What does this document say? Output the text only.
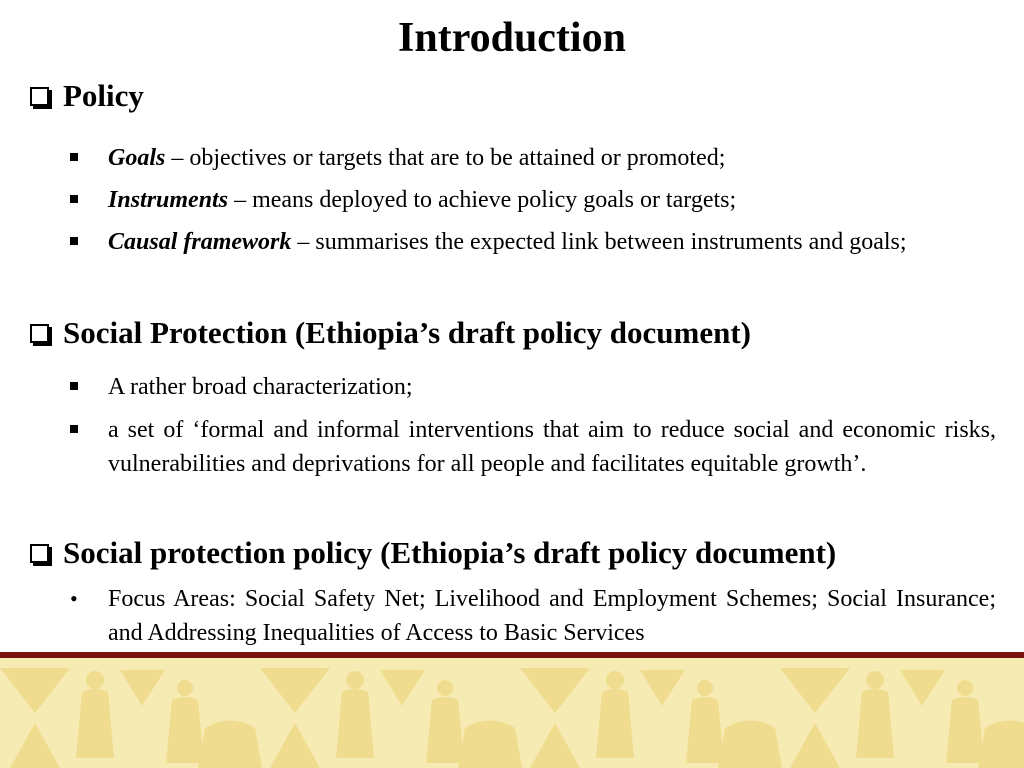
Introduction
Policy
Goals – objectives or targets that are to be attained or promoted;
Instruments – means deployed to achieve policy goals or targets;
Causal framework – summarises the expected link between instruments and goals;
Social Protection (Ethiopia’s draft policy document)
A rather broad characterization;
a set of ‘formal and informal interventions that aim to reduce social and economic risks, vulnerabilities and deprivations for all people and facilitates equitable growth’.
Social protection policy (Ethiopia’s draft policy document)
•	Focus Areas: Social Safety Net; Livelihood and Employment Schemes; Social Insurance; and Addressing Inequalities of Access to Basic Services
